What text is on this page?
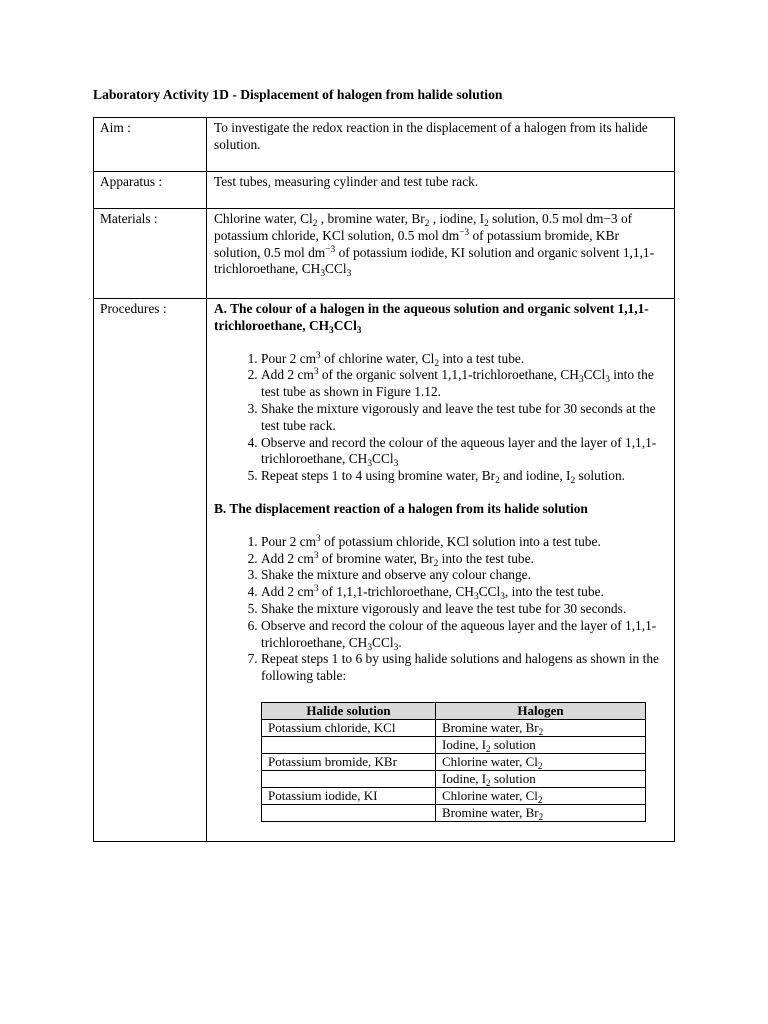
Laboratory Activity 1D - Displacement of halogen from halide solution
Aim :	To investigate the redox reaction in the displacement of a halogen from its halide solution.
Apparatus :	Test tubes, measuring cylinder and test tube rack.
Materials :	Chlorine water, $Cl_2$ , bromine water, $Br_2$ , iodine, $I_2$ solution, 0.5 mol dm−3 of potassium chloride, KCl solution, 0.5 mol $dm^{-3}$ of potassium bromide, KBr solution, 0.5 mol $dm^{-3}$ of potassium iodide, KI solution and organic solvent 1,1,1-trichloroethane, $CH_3CCl_3$
Procedures :	A. The colour of a halogen in the aqueous solution and organic solvent 1,1,1-trichloroethane, $CH_3CCl_3$
1. Pour 2 $cm^3$ of chlorine water, $Cl_2$ into a test tube.
2. Add 2 $cm^3$ of the organic solvent 1,1,1-trichloroethane, $CH_3CCl_3$ into the test tube as shown in Figure 1.12.
3. Shake the mixture vigorously and leave the test tube for 30 seconds at the test tube rack.
4. Observe and record the colour of the aqueous layer and the layer of 1,1,1-trichloroethane, $CH_3CCl_3$
5. Repeat steps 1 to 4 using bromine water, $Br_2$ and iodine, $I_2$ solution.
B. The displacement reaction of a halogen from its halide solution
1. Pour 2 $cm^3$ of potassium chloride, KCl solution into a test tube.
2. Add 2 $cm^3$ of bromine water, $Br_2$ into the test tube.
3. Shake the mixture and observe any colour change.
4. Add 2 $cm^3$ of 1,1,1-trichloroethane, $CH_3CCl_3$, into the test tube.
5. Shake the mixture vigorously and leave the test tube for 30 seconds.
6. Observe and record the colour of the aqueous layer and the layer of 1,1,1-trichloroethane, $CH_3CCl_3$.
7. Repeat steps 1 to 6 by using halide solutions and halogens as shown in the following table:
Halide solution	Halogen
Potassium chloride, KCl	Bromine water, $Br_2$
	Iodine, $I_2$ solution
Potassium bromide, KBr	Chlorine water, $Cl_2$
	Iodine, $I_2$ solution
Potassium iodide, KI	Chlorine water, $Cl_2$
	Bromine water, $Br_2$
